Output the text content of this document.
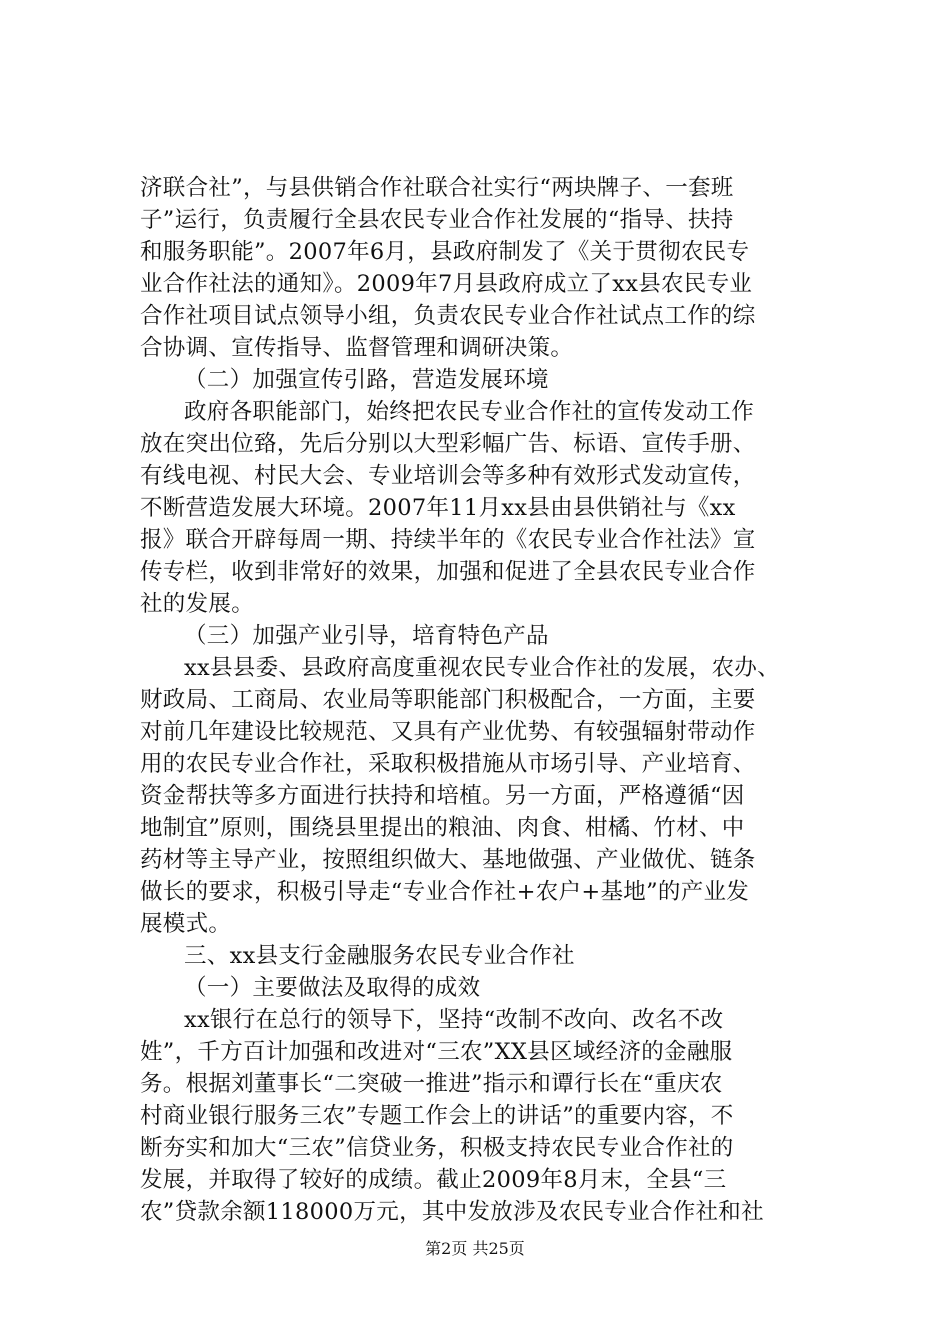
济联合社”，与县供销合作社联合社实行“两块牌子、一套班
子”运行，负责履行全县农民专业合作社发展的“指导、扶持
和服务职能”。2007年6月，县政府制发了《关于贯彻农民专
业合作社法的通知》。2009年7月县政府成立了xx县农民专业
合作社项目试点领导小组，负责农民专业合作社试点工作的综
合协调、宣传指导、监督管理和调研决策。
（二）加强宣传引路，营造发展环境
政府各职能部门，始终把农民专业合作社的宣传发动工作
放在突出位臵，先后分别以大型彩幅广告、标语、宣传手册、
有线电视、村民大会、专业培训会等多种有效形式发动宣传，
不断营造发展大环境。2007年11月xx县由县供销社与《xx
报》联合开辟每周一期、持续半年的《农民专业合作社法》宣
传专栏，收到非常好的效果，加强和促进了全县农民专业合作
社的发展。
（三）加强产业引导，培育特色产品
xx县县委、县政府高度重视农民专业合作社的发展，农办、
财政局、工商局、农业局等职能部门积极配合，一方面，主要
对前几年建设比较规范、又具有产业优势、有较强辐射带动作
用的农民专业合作社，采取积极措施从市场引导、产业培育、
资金帮扶等多方面进行扶持和培植。另一方面，严格遵循“因
地制宜”原则，围绕县里提出的粮油、肉食、柑橘、竹材、中
药材等主导产业，按照组织做大、基地做强、产业做优、链条
做长的要求，积极引导走“专业合作社+农户+基地”的产业发
展模式。
三、xx县支行金融服务农民专业合作社
（一）主要做法及取得的成效
xx银行在总行的领导下，坚持“改制不改向、改名不改
姓”，千方百计加强和改进对“三农”XX县区域经济的金融服
务。根据刘董事长“二突破一推进”指示和谭行长在“重庆农
村商业银行服务三农”专题工作会上的讲话”的重要内容，不
断夯实和加大“三农”信贷业务，积极支持农民专业合作社的
发展，并取得了较好的成绩。截止2009年8月末，全县“三
农”贷款余额118000万元，其中发放涉及农民专业合作社和社
第2页 共25页
